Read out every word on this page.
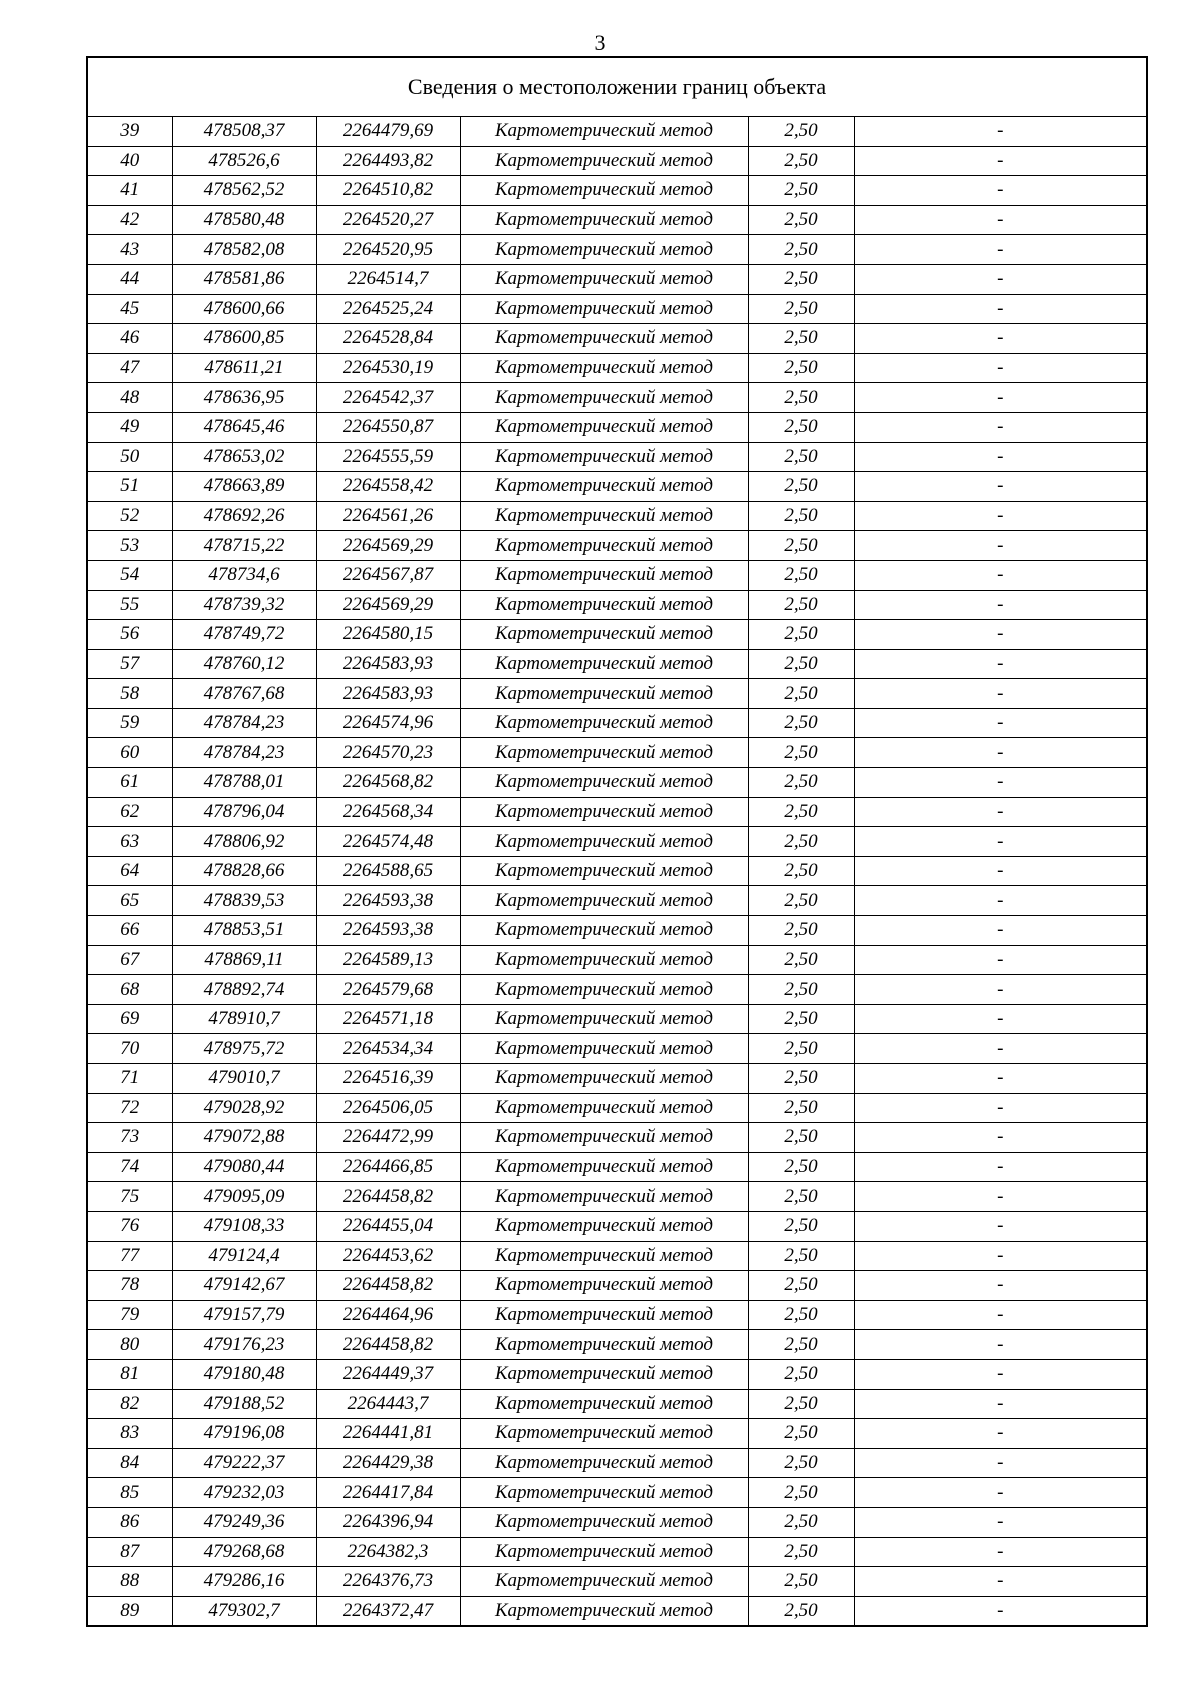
3
Сведения о местоположении границ объекта					
39	478508,37	2264479,69	Картометрический метод	2,50	-
40	478526,6	2264493,82	Картометрический метод	2,50	-
41	478562,52	2264510,82	Картометрический метод	2,50	-
42	478580,48	2264520,27	Картометрический метод	2,50	-
43	478582,08	2264520,95	Картометрический метод	2,50	-
44	478581,86	2264514,7	Картометрический метод	2,50	-
45	478600,66	2264525,24	Картометрический метод	2,50	-
46	478600,85	2264528,84	Картометрический метод	2,50	-
47	478611,21	2264530,19	Картометрический метод	2,50	-
48	478636,95	2264542,37	Картометрический метод	2,50	-
49	478645,46	2264550,87	Картометрический метод	2,50	-
50	478653,02	2264555,59	Картометрический метод	2,50	-
51	478663,89	2264558,42	Картометрический метод	2,50	-
52	478692,26	2264561,26	Картометрический метод	2,50	-
53	478715,22	2264569,29	Картометрический метод	2,50	-
54	478734,6	2264567,87	Картометрический метод	2,50	-
55	478739,32	2264569,29	Картометрический метод	2,50	-
56	478749,72	2264580,15	Картометрический метод	2,50	-
57	478760,12	2264583,93	Картометрический метод	2,50	-
58	478767,68	2264583,93	Картометрический метод	2,50	-
59	478784,23	2264574,96	Картометрический метод	2,50	-
60	478784,23	2264570,23	Картометрический метод	2,50	-
61	478788,01	2264568,82	Картометрический метод	2,50	-
62	478796,04	2264568,34	Картометрический метод	2,50	-
63	478806,92	2264574,48	Картометрический метод	2,50	-
64	478828,66	2264588,65	Картометрический метод	2,50	-
65	478839,53	2264593,38	Картометрический метод	2,50	-
66	478853,51	2264593,38	Картометрический метод	2,50	-
67	478869,11	2264589,13	Картометрический метод	2,50	-
68	478892,74	2264579,68	Картометрический метод	2,50	-
69	478910,7	2264571,18	Картометрический метод	2,50	-
70	478975,72	2264534,34	Картометрический метод	2,50	-
71	479010,7	2264516,39	Картометрический метод	2,50	-
72	479028,92	2264506,05	Картометрический метод	2,50	-
73	479072,88	2264472,99	Картометрический метод	2,50	-
74	479080,44	2264466,85	Картометрический метод	2,50	-
75	479095,09	2264458,82	Картометрический метод	2,50	-
76	479108,33	2264455,04	Картометрический метод	2,50	-
77	479124,4	2264453,62	Картометрический метод	2,50	-
78	479142,67	2264458,82	Картометрический метод	2,50	-
79	479157,79	2264464,96	Картометрический метод	2,50	-
80	479176,23	2264458,82	Картометрический метод	2,50	-
81	479180,48	2264449,37	Картометрический метод	2,50	-
82	479188,52	2264443,7	Картометрический метод	2,50	-
83	479196,08	2264441,81	Картометрический метод	2,50	-
84	479222,37	2264429,38	Картометрический метод	2,50	-
85	479232,03	2264417,84	Картометрический метод	2,50	-
86	479249,36	2264396,94	Картометрический метод	2,50	-
87	479268,68	2264382,3	Картометрический метод	2,50	-
88	479286,16	2264376,73	Картометрический метод	2,50	-
89	479302,7	2264372,47	Картометрический метод	2,50	-
